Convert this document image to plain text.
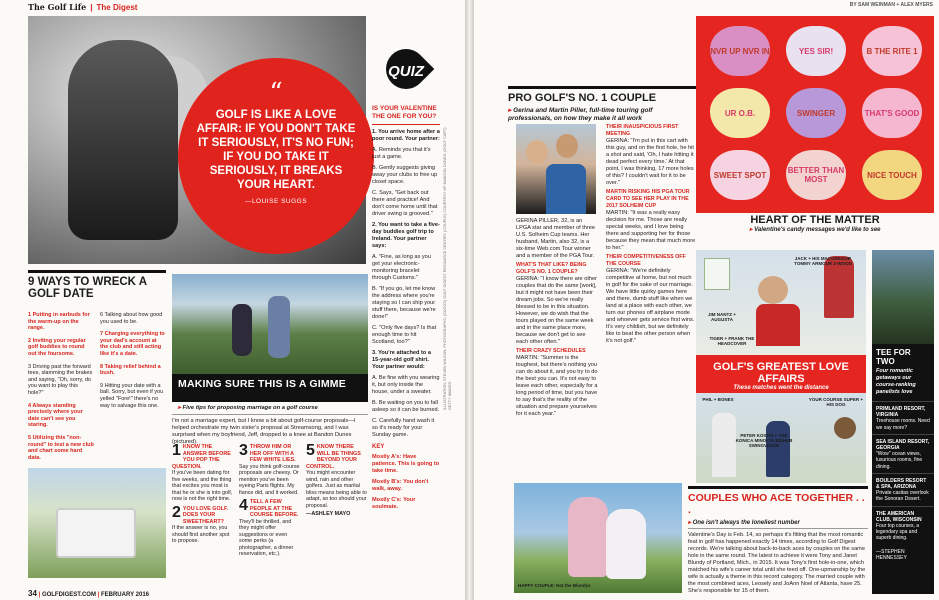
The Golf Life | The Digest
“
GOLF IS LIKE A LOVE AFFAIR: IF YOU DON'T TAKE IT SERIOUSLY, IT'S NO FUN; IF YOU DO TAKE IT SERIOUSLY, IT BREAKS YOUR HEART.
—LOUISE SUGGS
QUIZ
IS YOUR VALENTINE THE ONE FOR YOU?

1. You arrive home after a poor round. Your partner:

A. Reminds you that it's just a game.

B. Gently suggests giving away your clubs to free up closet space.

C. Says, "Get back out there and practice! And don't come home until that driver swing is grooved."

2. You want to take a five-day buddies golf trip to Ireland. Your partner says:

A. "Fine, as long as you get your electronic-monitoring bracelet through Customs."

B. "If you go, let me know the address where you're staying so I can ship your stuff there, because we're done!"

C. "Only five days? Is that enough time to hit Scotland, too?"

3. You're attached to a 15-year-old golf shirt. Your partner would:

A. Be fine with you wearing it, but only inside the house, under a sweater.

B. Be waiting on you to fall asleep so it can be burned.

C. Carefully hand wash it so it's ready for your Sunday game.

KEY

Mostly A's: Have patience. This is going to take time.

Mostly B's: You don't walk, away.

Mostly C's: Your soulmate.

ILLUSTRATION: STEVEN WILSON; PHOTOGRAPHS: (SUGGS) GOLF DIGEST RESOURCE CENTER; (COUPLE) COURTESY OF BANDON DUNES; (GOLF CART) GETTY IMAGES
9 WAYS TO WRECK A GOLF DATE
1 Putting in earbuds for the warm-up on the range.
2 Inviting your regular golf buddies to round out the foursome.
3 Driving past the forward tees, slamming the brakes and saying, "Oh, sorry, do you want to play this hole?"
4 Always standing precisely where your date can't see you staring.
5 Utilizing this "non-round" to test a new club and chart some hard data.
6 Talking about how good you used to be.
7 Charging everything to your dad's account at the club and still acting like it's a date.
8 Taking relief behind a bush.
9 Hitting your date with a ball. Sorry, but even if you yelled "Fore!" there's no way to salvage this one.
MAKING SURE THIS IS A GIMME
▸ Five tips for proposing marriage on a golf course
I'm not a marriage expert, but I know a bit about golf-course proposals—I helped orchestrate my twin sister's proposal at Streamsong, and I was surprised when my boyfriend, Jeff, dropped to a knee at Bandon Dunes (pictured).
1 KNOW THE ANSWER BEFORE YOU POP THE QUESTION.
If you've been dating for five weeks, and the thing that excites you most is that he or she is into golf, now is not the right time.
2 YOU LOVE GOLF. DOES YOUR SWEETHEART?
If the answer is no, you should find another spot to propose.
3 THROW HIM OR HER OFF WITH A FEW WHITE LIES.
Say you think golf-course proposals are cheesy. Or mention you've been eyeing Paris flights. My fiance did, and it worked.
4 TELL A FEW PEOPLE AT THE COURSE BEFORE.
They'll be thrilled, and they might offer suggestions or even some perks (a photographer, a dinner reservation, etc.).
5 KNOW THERE WILL BE THINGS BEYOND YOUR CONTROL.
You might encounter wind, rain and other golfers. Just as marital bliss means being able to adapt, so too should your proposal.
—ASHLEY MAYO
34 | GOLFDIGEST.COM | FEBRUARY 2016
BY SAM WEINMAN + ALEX MYERS
PRO GOLF'S NO. 1 COUPLE
▸ Gerina and Martin Piller, full-time touring golf professionals, on how they make it all work
GERINA PILLER, 32, is an LPGA star and member of three U.S. Solheim Cup teams. Her husband, Martin, also 32, is a six-time Web.com Tour winner and a member of the PGA Tour.
WHAT'S THAT LIKE? BEING GOLF'S NO. 1 COUPLE?
GERINA: "I know there are other couples that do the same [work], but it might not have been their dream jobs. So we're really blessed to be in this situation. However, we do wish that the tours played on the same week and in the same place more, because we don't get to see each other often."
THEIR CRAZY SCHEDULES
MARTIN: "Summer is the toughest, but there's nothing you can do about it, and you try to do the best you can. It's not easy to leave each other, especially for a long period of time, but you have to say that's the reality of the situation and prepare yourselves for it each year."
THEIR INAUSPICIOUS FIRST MEETING
GERINA: "I'm put in this cart with this guy, and on the first hole, he hit a shot and said, 'Oh, I hate hitting it dead perfect every time.' At that point, I was thinking, 17 more holes of this? I couldn't wait for it to be over."
MARTIN RISKING HIS PGA TOUR CARD TO SEE HER PLAY IN THE 2017 SOLHEIM CUP
MARTIN: "It was a really easy decision for me. Those are really special weeks, and I love being there and supporting her for those because they mean that much more to her."
THEIR COMPETITIVENESS OFF THE COURSE
GERINA: "We're definitely competitive at home, but not much in golf for the sake of our marriage. We have little quirky games here and there, dumb stuff like when we land at a place with each other, we turn our phones off airplane mode and whoever gets service first wins. It's very childish, but we definitely like to beat the other person when it's not golf."
NVR UP NVR IN	YES SIR!	B THE RITE 1
UR O.B.	SWINGER	THAT'S GOOD
SWEET SPOT	BETTER THAN MOST	NICE TOUCH
HEART OF THE MATTER

▸ Valentine's candy messages we'd like to see

JACK + HIS MACGREGOR TOMMY ARMOUR 3-WOOD
JIM NANTZ + AUGUSTA
TIGER + FRANK THE HEADCOVER
GOLF'S GREATEST LOVE AFFAIRS

These matches went the distance

PHIL + BONES
PETER KOSTIS + THE KONICA MINOLTA BIZHUB SWINGVISION
YOUR COURSE SUPER + HIS DOG
TEE FOR TWO
Four romantic getaways our course-ranking panelists love
PRIMLAND RESORT, VIRGINIA
Treehouse rooms. Need we say more?
SEA ISLAND RESORT, GEORGIA
"Wow" ocean views, luxurious rooms, fine dining.
BOULDERS RESORT & SPA, ARIZONA
Private casitas overlook the Sonoran Desert.
THE AMERICAN CLUB, WISCONSIN
Four top courses, a legendary spa and superb dining.
—STEPHEN HENNESSEY
HAPPY COUPLE: Not the Blundys
COUPLES WHO ACE TOGETHER . . .
▸ One isn't always the loneliest number
Valentine's Day is Feb. 14, so perhaps it's fitting that the most romantic feat in golf has happened exactly 14 times, according to Golf Digest records. We're talking about back-to-back aces by couples on the same hole in the same round. The latest to achieve it were Tony and Janet Blundy of Portland, Mich., in 2015. It was Tony's first hole-in-one, which matched his wife's career total until she teed off. One-upmanship by the wife is actually a theme in this record category. The married couple with the most combined aces, Leosely and JoAnn Noel of Atlanta, have 25. She's responsible for 15 of them.
